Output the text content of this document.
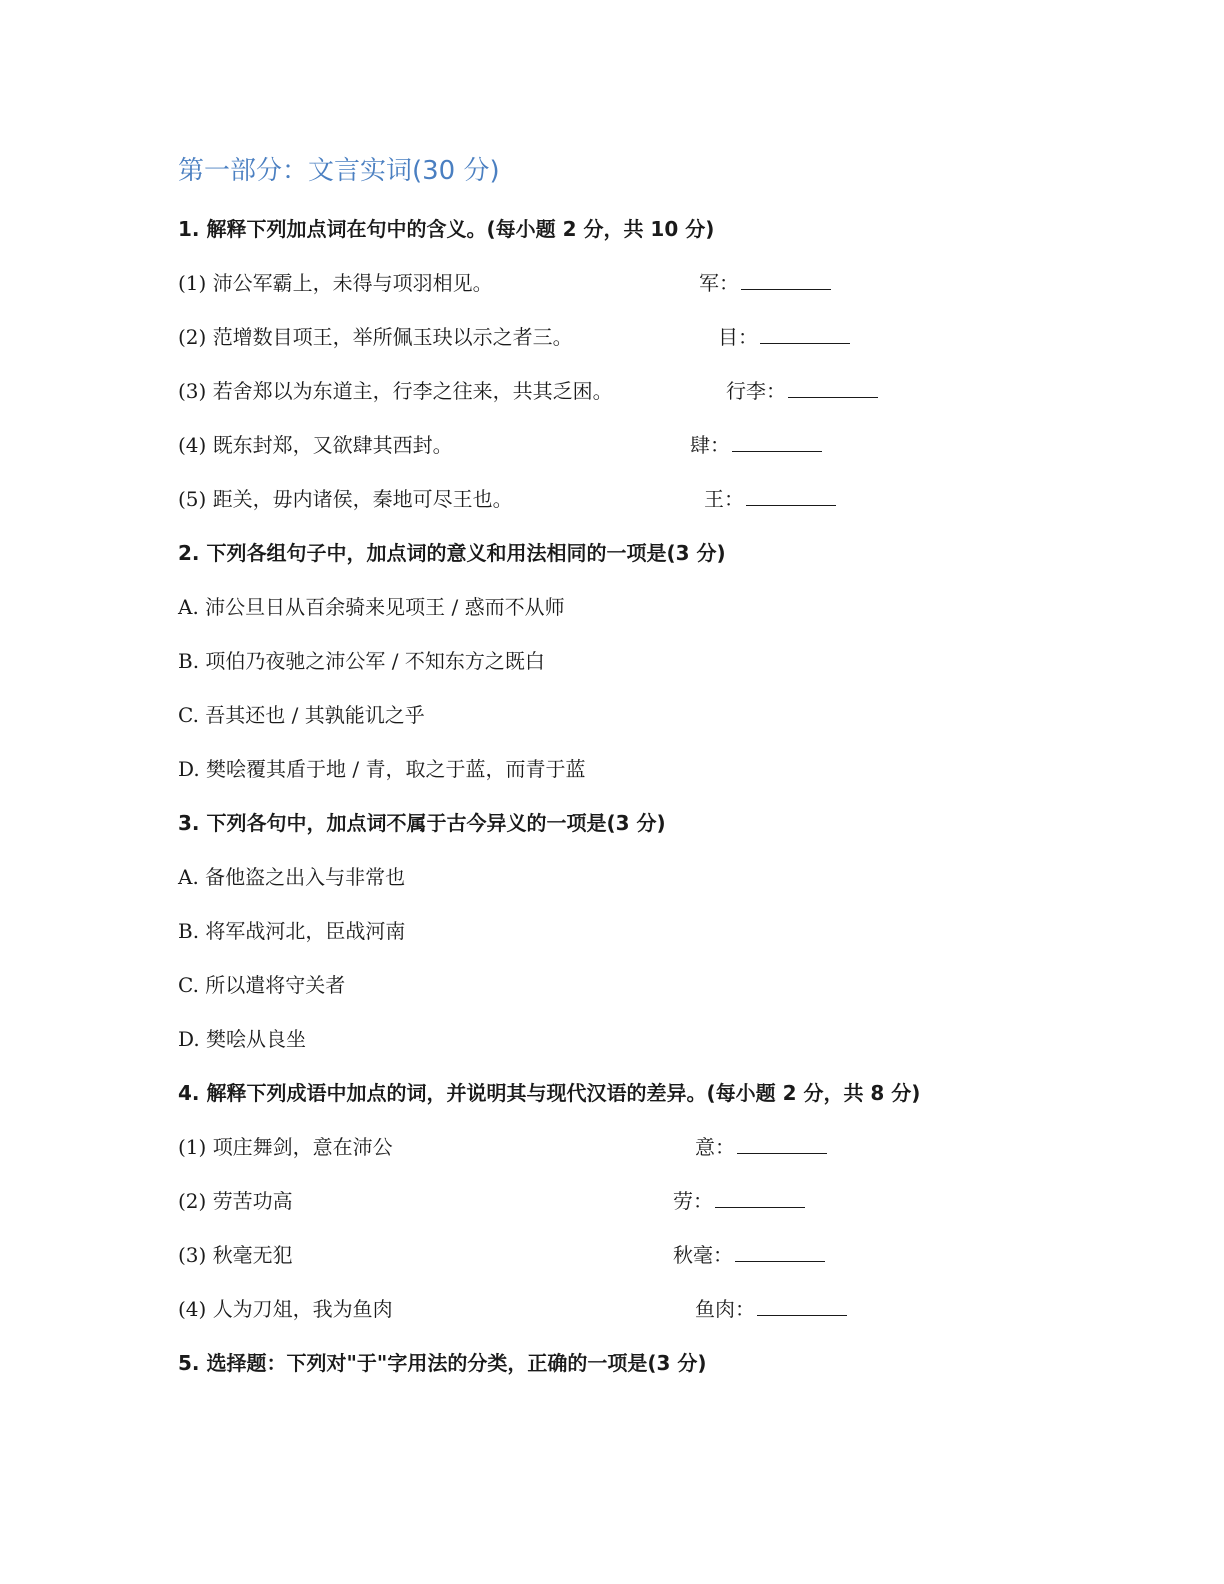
第一部分：文言实词(30 分)
1. 解释下列加点词在句中的含义。(每小题 2 分，共 10 分)
(1) 沛公军霸上，未得与项羽相见。	军：
(2) 范增数目项王，举所佩玉玦以示之者三。	目：
(3) 若舍郑以为东道主，行李之往来，共其乏困。	行李：
(4) 既东封郑，又欲肆其西封。	肆：
(5) 距关，毋内诸侯，秦地可尽王也。	王：
2. 下列各组句子中，加点词的意义和用法相同的一项是(3 分)
A. 沛公旦日从百余骑来见项王 / 惑而不从师
B. 项伯乃夜驰之沛公军 / 不知东方之既白
C. 吾其还也 / 其孰能讥之乎
D. 樊哙覆其盾于地 / 青，取之于蓝，而青于蓝
3. 下列各句中，加点词不属于古今异义的一项是(3 分)
A. 备他盗之出入与非常也
B. 将军战河北，臣战河南
C. 所以遣将守关者
D. 樊哙从良坐
4. 解释下列成语中加点的词，并说明其与现代汉语的差异。(每小题 2 分，共 8 分)
(1) 项庄舞剑，意在沛公	意：
(2) 劳苦功高	劳：
(3) 秋毫无犯	秋毫：
(4) 人为刀俎，我为鱼肉	鱼肉：
5. 选择题：下列对"于"字用法的分类，正确的一项是(3 分)
